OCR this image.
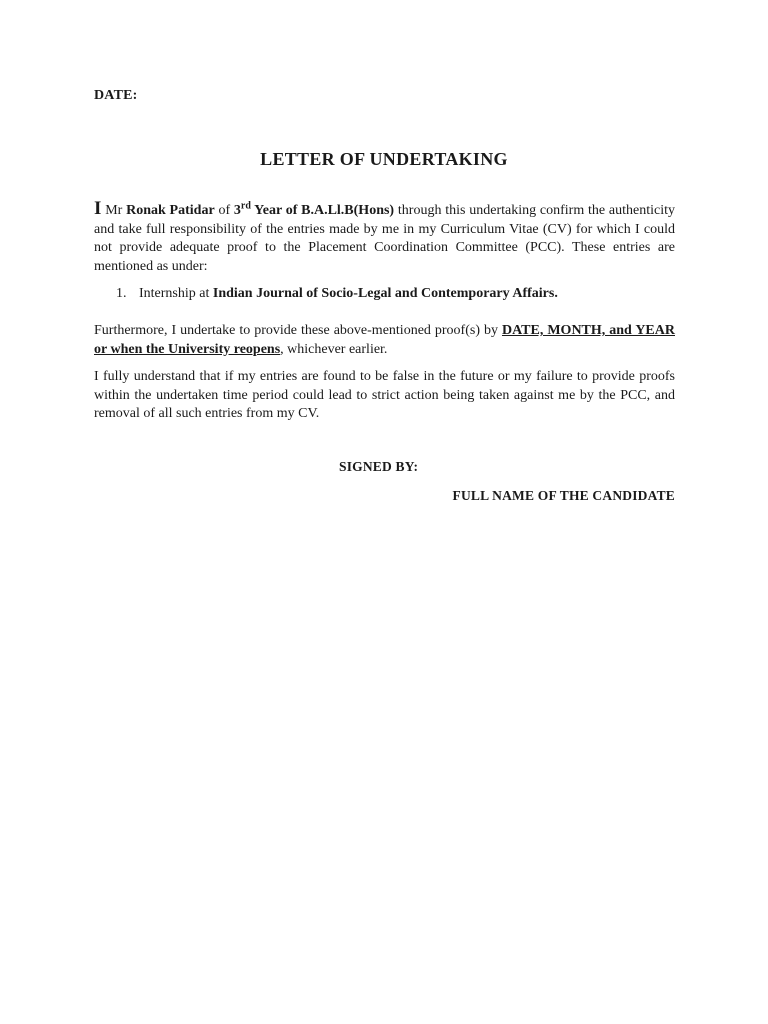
DATE:
LETTER OF UNDERTAKING
I Mr Ronak Patidar of 3rd Year of B.A.Ll.B(Hons) through this undertaking confirm the authenticity and take full responsibility of the entries made by me in my Curriculum Vitae (CV) for which I could not provide adequate proof to the Placement Coordination Committee (PCC). These entries are mentioned as under:
1. Internship at Indian Journal of Socio-Legal and Contemporary Affairs.
Furthermore, I undertake to provide these above-mentioned proof(s) by DATE, MONTH, and YEAR or when the University reopens, whichever earlier.
I fully understand that if my entries are found to be false in the future or my failure to provide proofs within the undertaken time period could lead to strict action being taken against me by the PCC, and removal of all such entries from my CV.
SIGNED BY:
FULL NAME OF THE CANDIDATE
